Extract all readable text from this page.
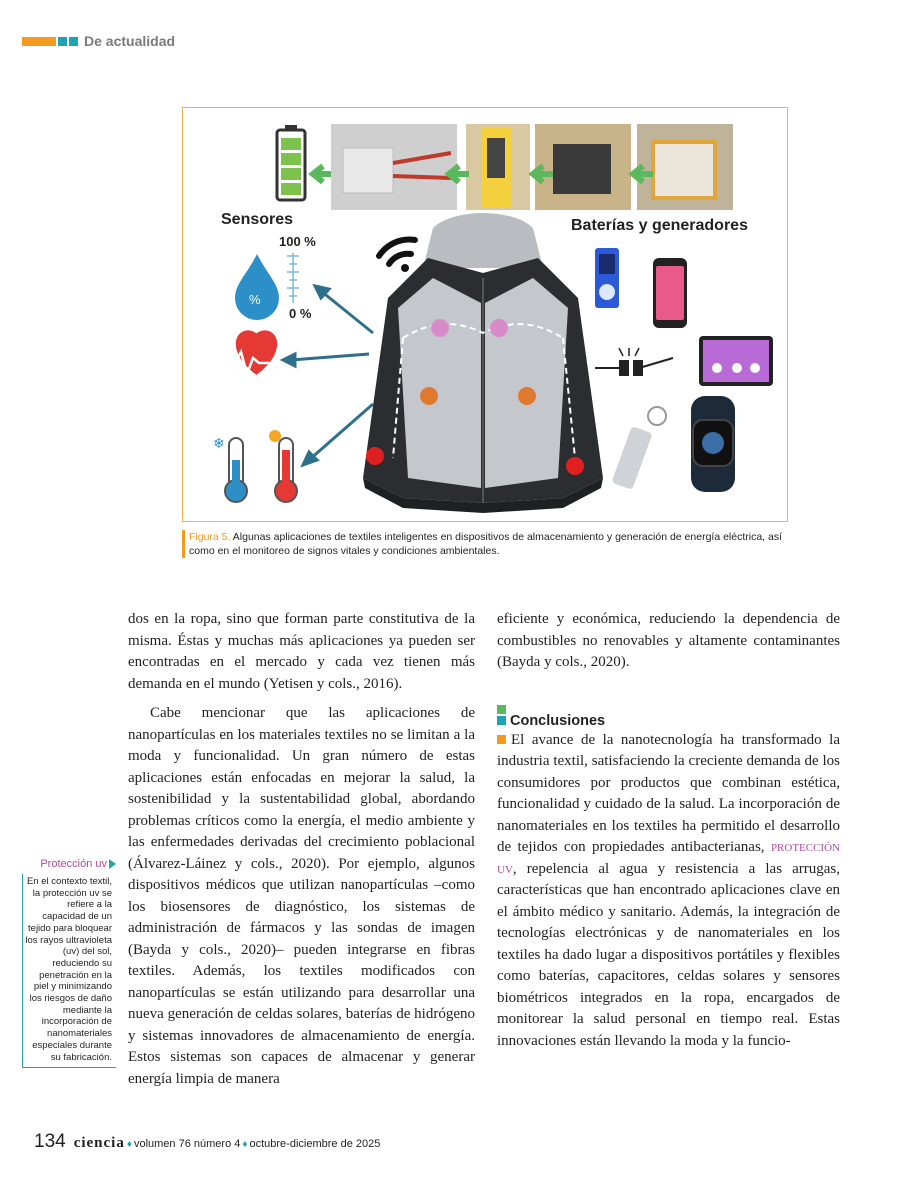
De actualidad
Sensores	Baterías y generadores
100 %
0 %
%
❄
Figura 5. Algunas aplicaciones de textiles inteligentes en dispositivos de almacenamiento y generación de energía eléctrica, así como en el monitoreo de signos vitales y condiciones ambientales.

dos en la ropa, sino que forman parte constitutiva de la misma. Éstas y muchas más aplicaciones ya pueden ser encontradas en el mercado y cada vez tienen más demanda en el mundo (Yetisen y cols., 2016).

Cabe mencionar que las aplicaciones de nanopartículas en los materiales textiles no se limitan a la moda y funcionalidad. Un gran número de estas aplicaciones están enfocadas en mejorar la salud, la sostenibilidad y la sustentabilidad global, abordando problemas críticos como la energía, el medio ambiente y las enfermedades derivadas del crecimiento poblacional (Álvarez-Láinez y cols., 2020). Por ejemplo, algunos dispositivos médicos que utilizan nanopartículas –como los biosensores de diagnóstico, los sistemas de administración de fármacos y las sondas de imagen (Bayda y cols., 2020)– pueden integrarse en fibras textiles. Además, los textiles modificados con nanopartículas se están utilizando para desarrollar una nueva generación de celdas solares, baterías de hidrógeno y sistemas innovadores de almacenamiento de energía. Estos sistemas son capaces de almacenar y generar energía limpia de manera

eficiente y económica, reduciendo la dependencia de combustibles no renovables y altamente contaminantes (Bayda y cols., 2020).

Conclusiones

El avance de la nanotecnología ha transformado la industria textil, satisfaciendo la creciente demanda de los consumidores por productos que combinan estética, funcionalidad y cuidado de la salud. La incorporación de nanomateriales en los textiles ha permitido el desarrollo de tejidos con propiedades antibacterianas, protección uv, repelencia al agua y resistencia a las arrugas, características que han encontrado aplicaciones clave en el ámbito médico y sanitario. Además, la integración de tecnologías electrónicas y de nanomateriales en los textiles ha dado lugar a dispositivos portátiles y flexibles como baterías, capacitores, celdas solares y sensores biométricos integrados en la ropa, encargados de monitorear la salud personal en tiempo real. Estas innovaciones están llevando la moda y la funcio-

Protección uv
En el contexto textil, la protección uv se refiere a la capacidad de un tejido para bloquear los rayos ultravioleta (uv) del sol, reduciendo su penetración en la piel y minimizando los riesgos de daño mediante la incorporación de nanomateriales especiales durante su fabricación.
134 ciencia ♦ volumen 76 número 4 ♦ octubre-diciembre de 2025
